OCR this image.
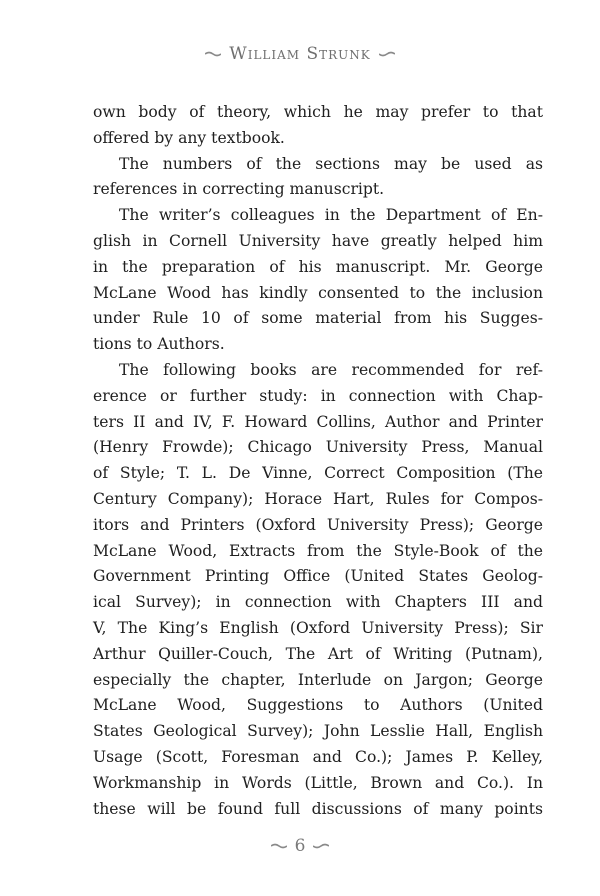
William Strunk
own body of theory, which he may prefer to that
offered by any textbook.
The numbers of the sections may be used as
references in correcting manuscript.
The writer’s colleagues in the Department of En-
glish in Cornell University have greatly helped him
in the preparation of his manuscript. Mr. George
McLane Wood has kindly consented to the inclusion
under Rule 10 of some material from his Sugges-
tions to Authors.
The following books are recommended for ref-
erence or further study: in connection with Chap-
ters II and IV, F. Howard Collins, Author and Printer
(Henry Frowde); Chicago University Press, Manual
of Style; T. L. De Vinne, Correct Composition (The
Century Company); Horace Hart, Rules for Compos-
itors and Printers (Oxford University Press); George
McLane Wood, Extracts from the Style-Book of the
Government Printing Office (United States Geolog-
ical Survey); in connection with Chapters III and
V, The King’s English (Oxford University Press); Sir
Arthur Quiller-Couch, The Art of Writing (Putnam),
especially the chapter, Interlude on Jargon; George
McLane Wood, Suggestions to Authors (United
States Geological Survey); John Lesslie Hall, English
Usage (Scott, Foresman and Co.); James P. Kelley,
Workmanship in Words (Little, Brown and Co.). In
these will be found full discussions of many points
6
